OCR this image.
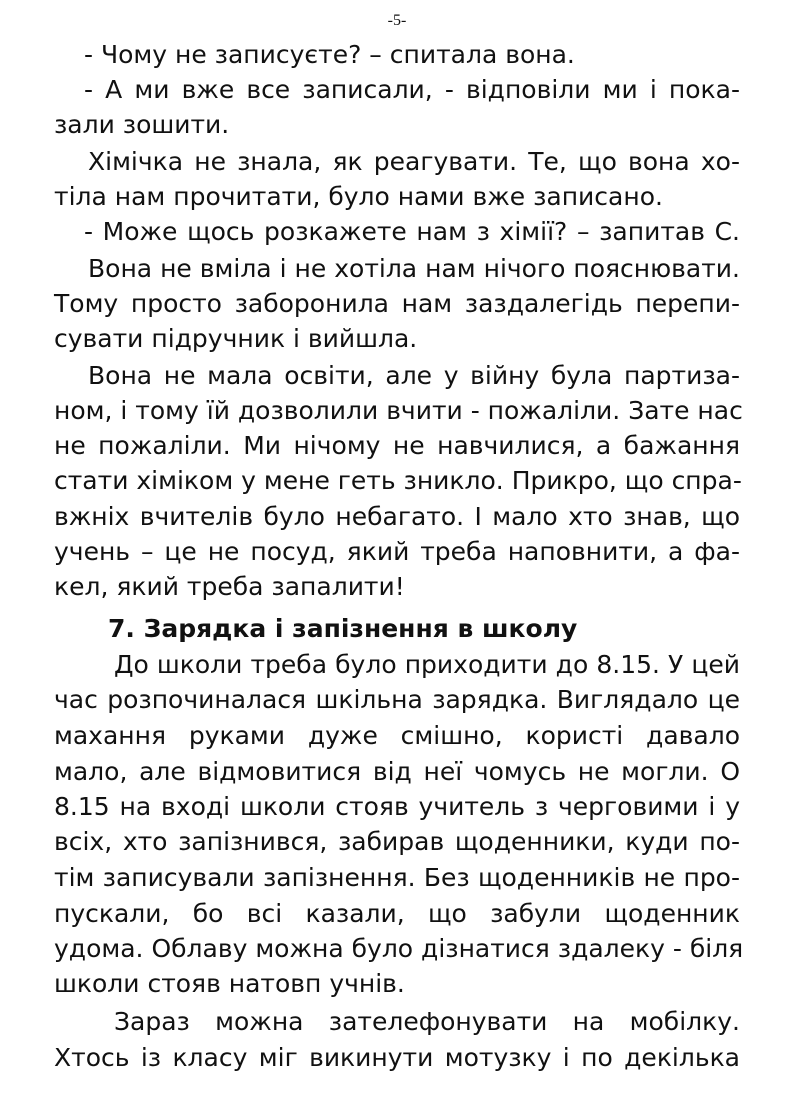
-5-
- Чому не записуєте? – спитала вона.
- А ми вже все записали, - відповіли ми і пока-
зали зошити.
Хімічка не знала, як реагувати. Те, що вона хо-
тіла нам прочитати, було нами вже записано.
- Може щось розкажете нам з хімії? – запитав С.
Вона не вміла і не хотіла нам нічого пояснювати.
Тому просто заборонила нам заздалегідь перепи-
сувати підручник і вийшла.
Вона не мала освіти, але у війну була партиза-
ном, і тому їй дозволили вчити - пожаліли. Зате нас
не пожаліли. Ми нічому не навчилися, а бажання
стати хіміком у мене геть зникло. Прикро, що спра-
вжніх вчителів було небагато. І мало хто знав, що
учень – це не посуд, який треба наповнити, а фа-
кел, який треба запалити!
До школи треба було приходити до 8.15. У цей
час розпочиналася шкільна зарядка. Виглядало це
махання руками дуже смішно, користі давало
мало, але відмовитися від неї чомусь не могли. О
8.15 на вході школи стояв учитель з черговими і у
всіх, хто запізнився, забирав щоденники, куди по-
тім записували запізнення. Без щоденників не про-
пускали, бо всі казали, що забули щоденник
удома. Облаву можна було дізнатися здалеку - біля
школи стояв натовп учнів.
Зараз можна зателефонувати на мобілку.
Хтось із класу міг викинути мотузку і по декілька
7. Зарядка і запізнення в школу
